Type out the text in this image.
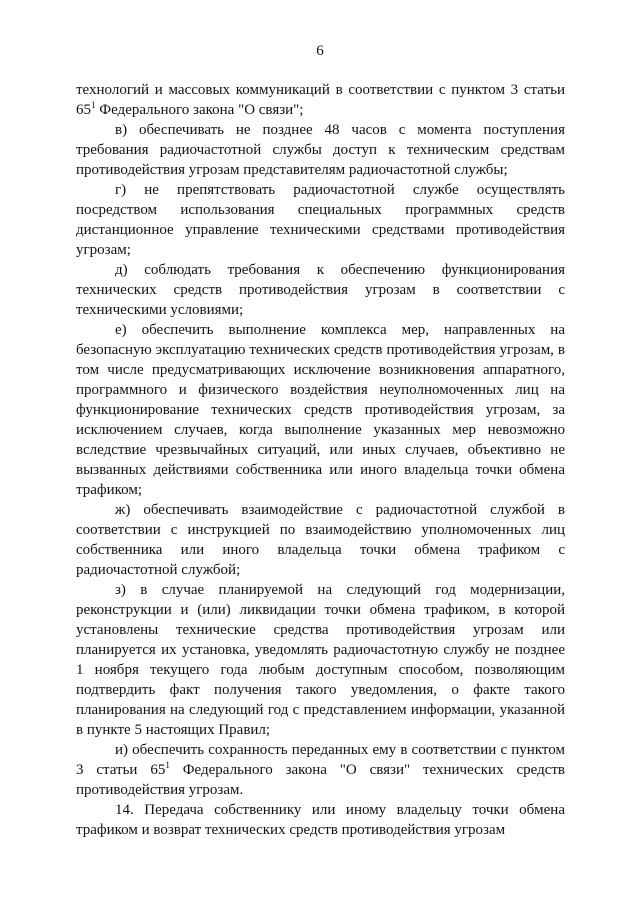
6

технологий и массовых коммуникаций в соответствии с пунктом 3 статьи $65^1$ Федерального закона "О связи";

в) обеспечивать не позднее 48 часов с момента поступления требования радиочастотной службы доступ к техническим средствам противодействия угрозам представителям радиочастотной службы;

г) не препятствовать радиочастотной службе осуществлять посредством использования специальных программных средств дистанционное управление техническими средствами противодействия угрозам;

д) соблюдать требования к обеспечению функционирования технических средств противодействия угрозам в соответствии с техническими условиями;

е) обеспечить выполнение комплекса мер, направленных на безопасную эксплуатацию технических средств противодействия угрозам, в том числе предусматривающих исключение возникновения аппаратного, программного и физического воздействия неуполномоченных лиц на функционирование технических средств противодействия угрозам, за исключением случаев, когда выполнение указанных мер невозможно вследствие чрезвычайных ситуаций, или иных случаев, объективно не вызванных действиями собственника или иного владельца точки обмена трафиком;

ж) обеспечивать взаимодействие с радиочастотной службой в соответствии с инструкцией по взаимодействию уполномоченных лиц собственника или иного владельца точки обмена трафиком с радиочастотной службой;

з) в случае планируемой на следующий год модернизации, реконструкции и (или) ликвидации точки обмена трафиком, в которой установлены технические средства противодействия угрозам или планируется их установка, уведомлять радиочастотную службу не позднее 1 ноября текущего года любым доступным способом, позволяющим подтвердить факт получения такого уведомления, о факте такого планирования на следующий год с представлением информации, указанной в пункте 5 настоящих Правил;

и) обеспечить сохранность переданных ему в соответствии с пунктом 3 статьи $65^1$ Федерального закона "О связи" технических средств противодействия угрозам.

14. Передача собственнику или иному владельцу точки обмена трафиком и возврат технических средств противодействия угрозам
